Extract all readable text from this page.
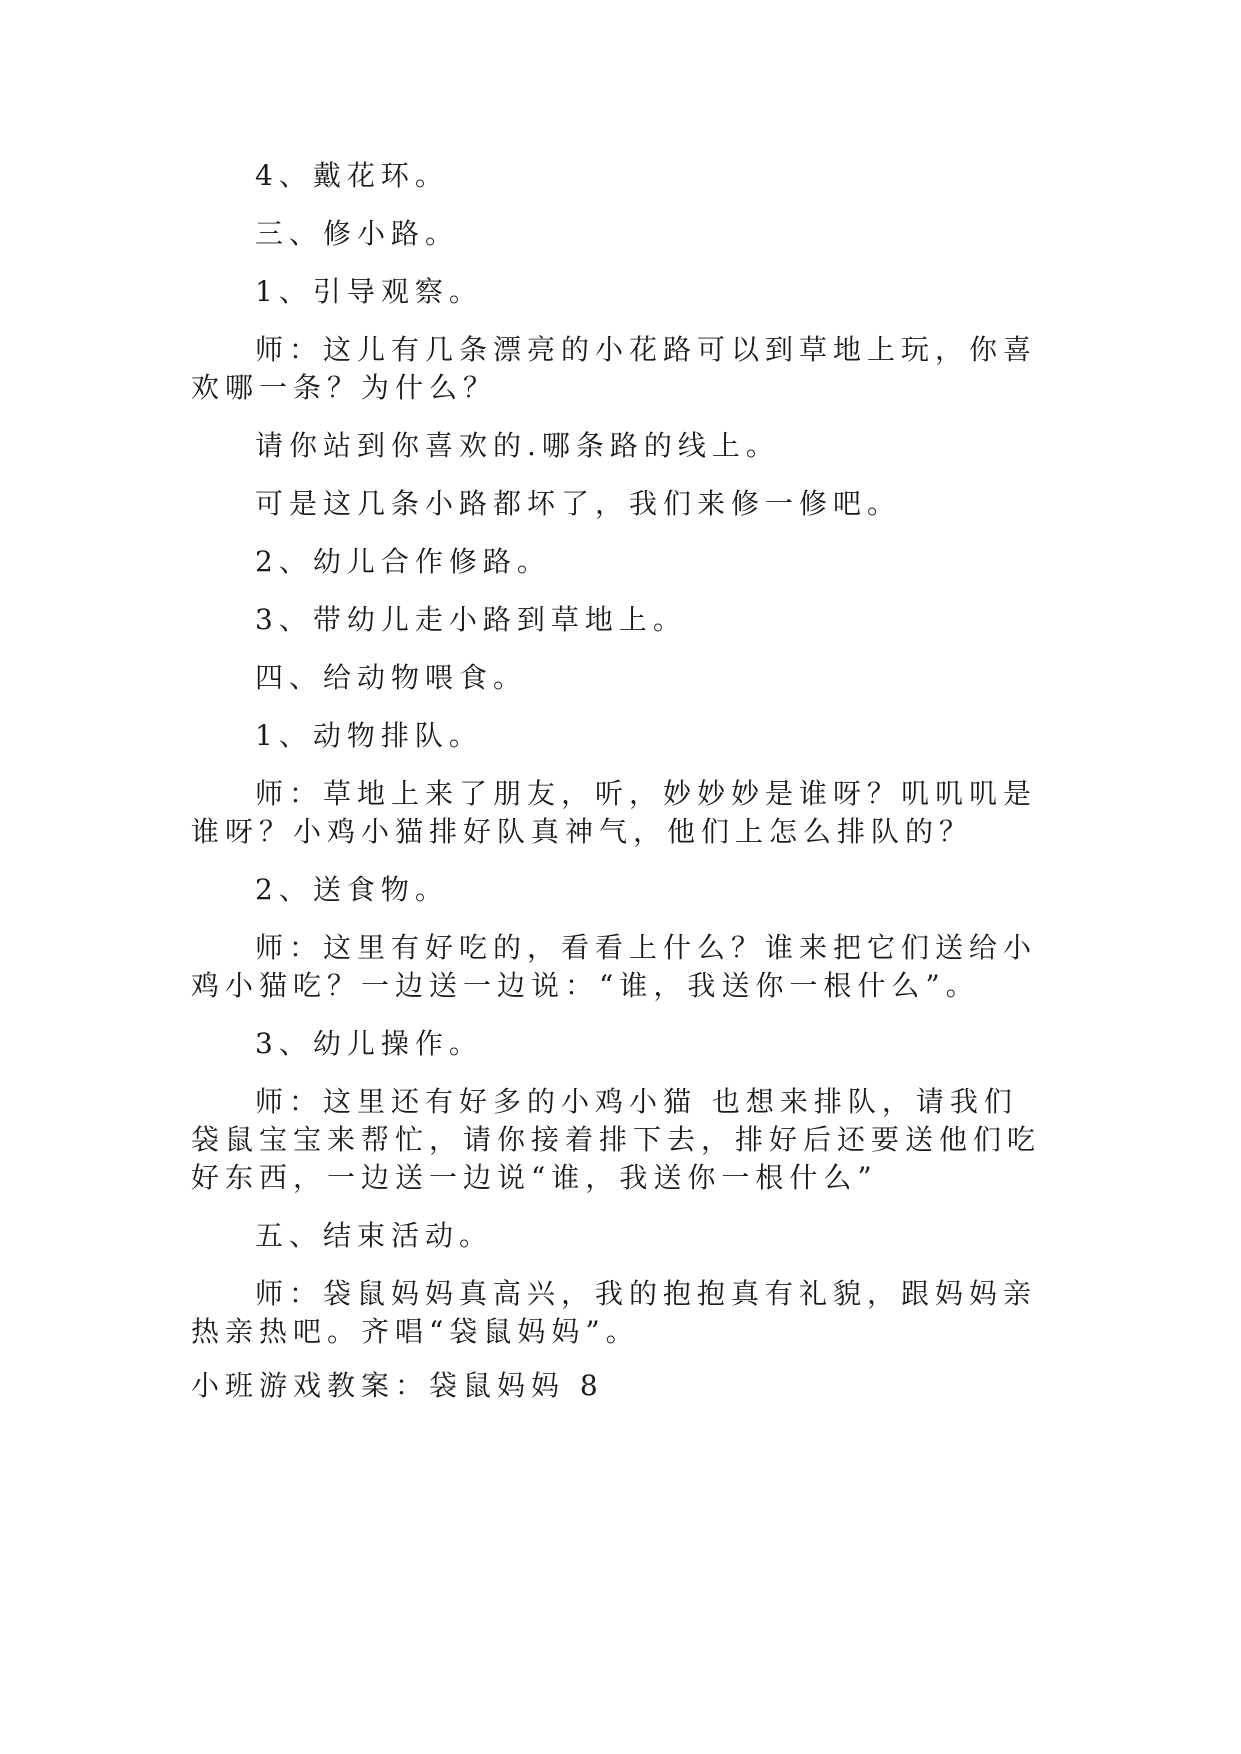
4、戴花环。

三、修小路。

1、引导观察。

师：这儿有几条漂亮的小花路可以到草地上玩，你喜欢哪一条？为什么？

请你站到你喜欢的.哪条路的线上。

可是这几条小路都坏了，我们来修一修吧。

2、幼儿合作修路。

3、带幼儿走小路到草地上。

四、给动物喂食。

1、动物排队。

师：草地上来了朋友，听，妙妙妙是谁呀？叽叽叽是谁呀？小鸡小猫排好队真神气，他们上怎么排队的？

2、送食物。

师：这里有好吃的，看看上什么？谁来把它们送给小鸡小猫吃？一边送一边说：“谁，我送你一根什么”。

3、幼儿操作。

师：这里还有好多的小鸡小猫 也想来排队，请我们袋鼠宝宝来帮忙，请你接着排下去，排好后还要送他们吃好东西，一边送一边说“谁，我送你一根什么”

五、结束活动。

师：袋鼠妈妈真高兴，我的抱抱真有礼貌，跟妈妈亲热亲热吧。齐唱“袋鼠妈妈”。

小班游戏教案：袋鼠妈妈 8
